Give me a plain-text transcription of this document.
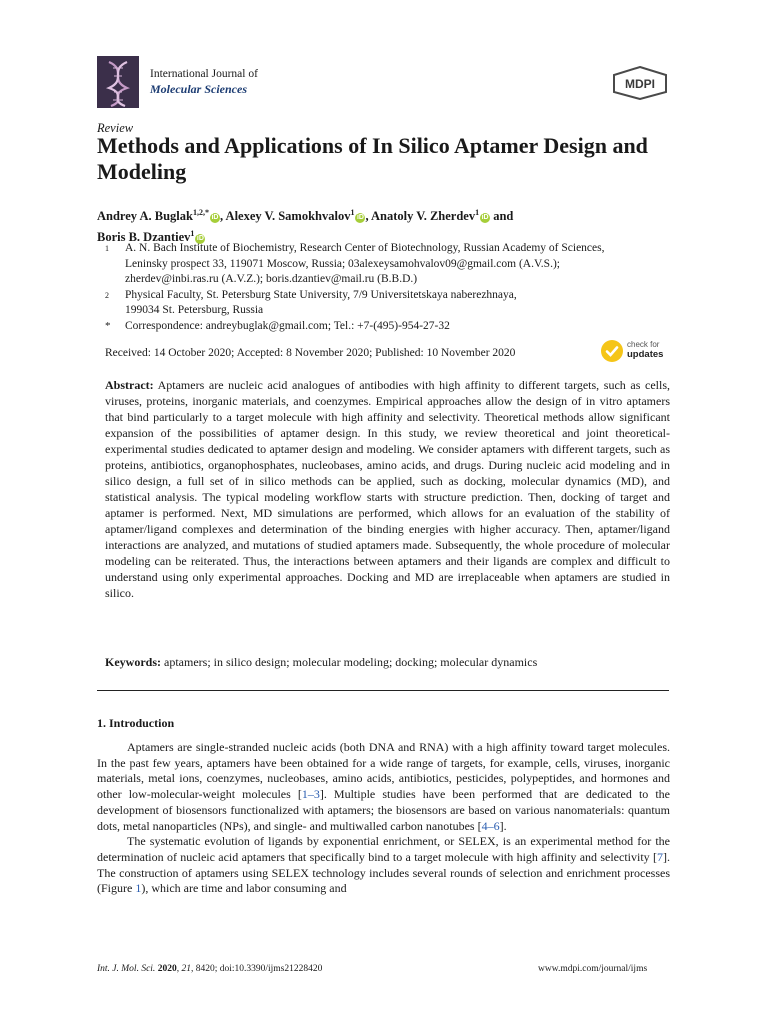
International Journal of
Molecular Sciences	MDPI
Review
Methods and Applications of In Silico Aptamer Design and Modeling
Andrey A. Buglak$^{1,2,*}$iD , Alexey V. Samokhvalov$^1$iD , Anatoly V. Zherdev$^1$iD and
Boris B. Dzantiev$^1$iD
1 A. N. Bach Institute of Biochemistry, Research Center of Biotechnology, Russian Academy of Sciences,
Leninsky prospect 33, 119071 Moscow, Russia; 03alexeysamohvalov09@gmail.com (A.V.S.);
zherdev@inbi.ras.ru (A.V.Z.); boris.dzantiev@mail.ru (B.B.D.)
2 Physical Faculty, St. Petersburg State University, 7/9 Universitetskaya naberezhnaya,
199034 St. Petersburg, Russia
* Correspondence: andreybuglak@gmail.com; Tel.: +7-(495)-954-27-32
Received: 14 October 2020; Accepted: 8 November 2020; Published: 10 November 2020
check for
updates
Abstract: Aptamers are nucleic acid analogues of antibodies with high affinity to different targets, such as cells, viruses, proteins, inorganic materials, and coenzymes. Empirical approaches allow the design of in vitro aptamers that bind particularly to a target molecule with high affinity and selectivity. Theoretical methods allow significant expansion of the possibilities of aptamer design. In this study, we review theoretical and joint theoretical-experimental studies dedicated to aptamer design and modeling. We consider aptamers with different targets, such as proteins, antibiotics, organophosphates, nucleobases, amino acids, and drugs. During nucleic acid modeling and in silico design, a full set of in silico methods can be applied, such as docking, molecular dynamics (MD), and statistical analysis. The typical modeling workflow starts with structure prediction. Then, docking of target and aptamer is performed. Next, MD simulations are performed, which allows for an evaluation of the stability of aptamer/ligand complexes and determination of the binding energies with higher accuracy. Then, aptamer/ligand interactions are analyzed, and mutations of studied aptamers made. Subsequently, the whole procedure of molecular modeling can be reiterated. Thus, the interactions between aptamers and their ligands are complex and difficult to understand using only experimental approaches. Docking and MD are irreplaceable when aptamers are studied in silico.
Keywords: aptamers; in silico design; molecular modeling; docking; molecular dynamics
1. Introduction

Aptamers are single-stranded nucleic acids (both DNA and RNA) with a high affinity toward target molecules. In the past few years, aptamers have been obtained for a wide range of targets, for example, cells, viruses, inorganic materials, metal ions, coenzymes, nucleobases, amino acids, antibiotics, pesticides, polypeptides, and hormones and other low-molecular-weight molecules [1–3]. Multiple studies have been performed that are dedicated to the development of biosensors functionalized with aptamers; the biosensors are based on various nanomaterials: quantum dots, metal nanoparticles (NPs), and single- and multiwalled carbon nanotubes [4–6].

The systematic evolution of ligands by exponential enrichment, or SELEX, is an experimental method for the determination of nucleic acid aptamers that specifically bind to a target molecule with high affinity and selectivity [7]. The construction of aptamers using SELEX technology includes several rounds of selection and enrichment processes (Figure 1), which are time and labor consuming and

Int. J. Mol. Sci. 2020, 21, 8420; doi:10.3390/ijms21228420	www.mdpi.com/journal/ijms
